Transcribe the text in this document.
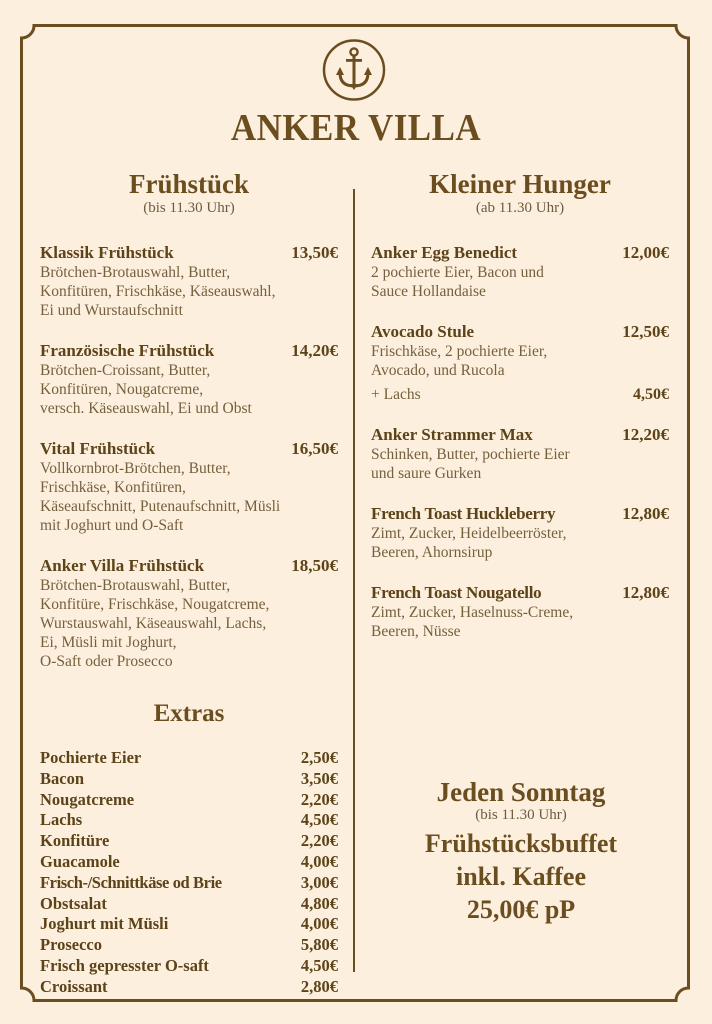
ANKER VILLA
Frühstück
(bis 11.30 Uhr)
Klassik Frühstück	13,50€
Brötchen-Brotauswahl, Butter,
Konfitüren, Frischkäse, Käseauswahl,
Ei und Wurstaufschnitt
Französische Frühstück	14,20€
Brötchen-Croissant, Butter,
Konfitüren, Nougatcreme,
versch. Käseauswahl, Ei und Obst
Vital Frühstück	16,50€
Vollkornbrot-Brötchen, Butter,
Frischkäse, Konfitüren,
Käseaufschnitt, Putenaufschnitt, Müsli
mit Joghurt und O-Saft
Anker Villa Frühstück	18,50€
Brötchen-Brotauswahl, Butter,
Konfitüre, Frischkäse, Nougatcreme,
Wurstauswahl, Käseauswahl, Lachs,
Ei, Müsli mit Joghurt,
O-Saft oder Prosecco
Extras
Pochierte Eier	2,50€
Bacon	3,50€
Nougatcreme	2,20€
Lachs	4,50€
Konfitüre	2,20€
Guacamole	4,00€
Frisch-/Schnittkäse od Brie	3,00€
Obstsalat	4,80€
Joghurt mit Müsli	4,00€
Prosecco	5,80€
Frisch gepresster O-saft	4,50€
Croissant	2,80€
Kleiner Hunger
(ab 11.30 Uhr)
Anker Egg Benedict	12,00€
2 pochierte Eier, Bacon und
Sauce Hollandaise
Avocado Stule	12,50€
Frischkäse, 2 pochierte Eier,
Avocado, und Rucola
+ Lachs	4,50€
Anker Strammer Max	12,20€
Schinken, Butter, pochierte Eier
und saure Gurken
French Toast Huckleberry	12,80€
Zimt, Zucker, Heidelbeerröster,
Beeren, Ahornsirup
French Toast Nougatello	12,80€
Zimt, Zucker, Haselnuss-Creme,
Beeren, Nüsse
Jeden Sonntag
(bis 11.30 Uhr)
Frühstücksbuffet
inkl. Kaffee
25,00€ pP
